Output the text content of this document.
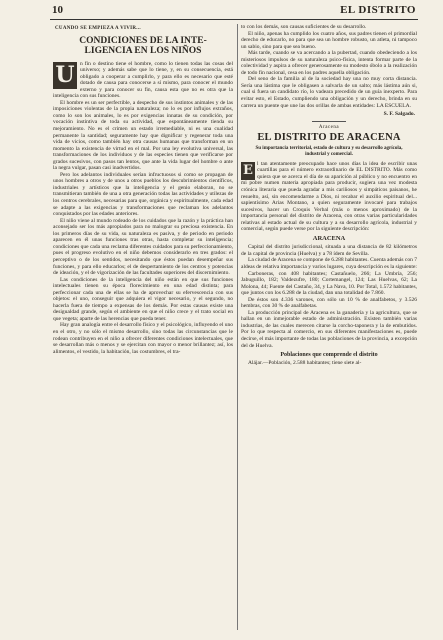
10	EL DISTRITO
CUANDO SE EMPIEZA A VIVIR...
CONDICIONES DE LA INTE-
LIGENCIA EN LOS NIÑOS
U n fin o destino tiene el hombre, como lo tienen todas las cosas del universo; y además sabe que lo tiene, y, en su consecuencia, está obligado a cooperar a cumplirlo, y para ello es necesario que esté dotado de causa para conocerse a sí mismo, para conocer el mundo externo y para conocer su fin, causa esta que no es otra que la inteligencia con sus funciones.

El hombre es un ser perfectible, a despecho de sus instintos animales y de las imposiciones violentas de la propia naturaleza; no lo es por influjos extraños, como lo son los animales, lo es por exigencias innatas de su condición, por vocación instintiva de toda su actividad, que espontáneamente tienda su mejoramiento. No es el crimen un estado irremediable, ni es una cualidad permanente la santidad; seguramente hay que dignificar y regenerar toda una vida de vicios, como también hay otra causas humanas que transforman en un momento la existencia de virtud en el mal. Por una ley evolutiva universal, las transformaciones de los individuos y de las especies tienen que verificarse por grados sucesivos, con pasos tan lentos, que ante la vida lugar del hombre o ante la negra vulgar, pasan casi inadvertidos.

Pero los adelantos individuales serían infructuosos si como se propagan de unos hombres a otros y de unos a otros pueblos los descubrimientos científicos, industriales y artísticos que la inteligencia y el genio elaboran, no se transmitieran también de una a otra generación todas las actividades y utilezas de los centros cerebrales, necesarias para que, orgánica y espiritualmente, cada edad se adapte a las exigencias y transformaciones que reclaman los adelantos conquistados por las edades anteriores.

El niño viene al mundo rodeado de los cuidados que la razón y la práctica han aconsejado ser los más apropiados para no malograr su preciosa existencia. En los primeros días de su vida, su naturaleza es pasiva, y de periodo en periodo aparecen en él unas funciones tras otras, hasta completar su inteligencia; condiciones que cada una reclama diferentes cuidados para su perfeccionamiento, pues el progreso evolutivo en el niño debemos considerarlo en tres grados: el perceptivo o de los sentidos, necesitando que éstos puedan desempeñar sus funciones, y para ello educarlos; el de despertamiento de los centros y potencias de ideación, y el de vigorización de las facultades superiores del discernimiento.

Las condiciones de la inteligencia del niño están en que sus funciones intelectuales tienen su época florecimiento en una edad distinta; para perfeccionar cada una de ellas se ha de aprovechar su efervescencia con sus objetos: el uno, conseguir que adquiera el vigor necesario, y el segundo, no hacerla fuera de tiempo a expensas de los demás. Por estas causas existe una desigualdad grande, según el ambiente en que el niño crece y el trato social en que vegeta; aparte de las herencias que pueda tener.

Hay gran analogía entre el desarrollo físico y el psicológico, influyendo el uno en el otro, y no sólo el mismo desarrollo, sino todas las circunstancias que le rodean contribuyen en el niño a ofrecer diferentes condiciones intelectuales, que se desarrollan más o menos y se ejercitan con mayor o menor brillantez; así, los alimentos, el vestido, la habitación, las costumbres, el tra-

to con los demás, son causas suficientes de su desarrollo.

El niño, apenas ha cumplido los cuatro años, sus padres tienen el primordial derecho de educarlo, no para que sea un hombre robusto, un atleta, ni tampoco un sabio, sino para que sea bueno.

Más tarde, cuando se va acercando a la pubertad, cuando obedeciendo a los misteriosos impulsos de su naturaleza psico-física, intenta formar parte de la colectividad y aspira a ofrecer generosamente su modesto óbolo a la realización de todo fin nacional, cesa en los padres aquella obligación.

Del seno de la familia al de la sociedad hay una no muy corta distancia. Sería una lástima que le obligasen a salvarla de un salto; más lástima aún si, cual si fuera un candidato río, lo vadeara precedido de un guía inexperto. Para evitar esto, el Estado, cumpliendo una obligación y un derecho, brinda en su carrera un puente que une las dos orillas de ambas entidades: LA ESCUELA.

S. F. Salgado.
Aracena
EL DISTRITO DE ARACENA
Su importancia territorial, estado de cultura y su desarrollo agrícola, industrial y comercial.
E l tan atentamente preocupado hace unos días la idea de escribir unas cuartillas para el número extraordinario de EL DISTRITO. Más como quiera que se acerca el día de su aparición al público y no encuentro en mi pobre numen materia apropiada para producir, sugiera una vez modesta crónica literaria que pueda agradar a mis cariñosos y simpáticos paisanos, he resuelto, así, sin encomendarme a Dios, ni recabar el auxilio espiritual del... sapientísimo Arias Montano, a quien seguramente invocaré para trabajos sucesivos, hacer un Croquis Verbal (más o menos aproximado) de la importancia personal del distrito de Aracena, con otras varias particularidades relativas al estado actual de su cultura y a su desarrollo agrícola, industrial y comercial, según puede verse por la siguiente descripción:

ARACENA

Capital del distrito jurisdiccional, situada a una distancia de 82 kilómetros de la capital de provincia (Huelva) y a 78 ídem de Sevilla.

La ciudad de Aracena se compone de 6.288 habitantes. Cuenta además con 7 aldeas de relativa importancia y varios lugares, cuya descripción es la siguiente:

Carboneras, con 408 habitantes; Castañuelo, 266; La Umbría, 256; Jabuguillo, 182; Valdezufre, 180; Cortemangel, 124; Las Huelvas, 62; La Molona, 44; Fuente del Castaño, 34, y La Nava, 10. Por Total, 1.572 habitantes, que juntos con los 6.288 de la ciudad, dan una totalidad de 7.860.

De éstos son 4.336 varones, con sólo un 10 % de analfabetos, y 3.526 hembras, con 30 % de analfabetas.

La producción principal de Aracena es la ganadería y la agricultura, que se hallan en un inmejorable estado de administración. Existen también varias industrias, de las cuales merecen citarse la corcho-taponera y la de embutidos. Por lo que respecta al comercio, en sus diferentes manifestaciones es, puede decirse, el más importante de todas las poblaciones de la provincia, a excepción del de Huelva.

Poblaciones que comprende el distrito

Alájar.—Población, 2.588 habitantes; tiene siete al-
